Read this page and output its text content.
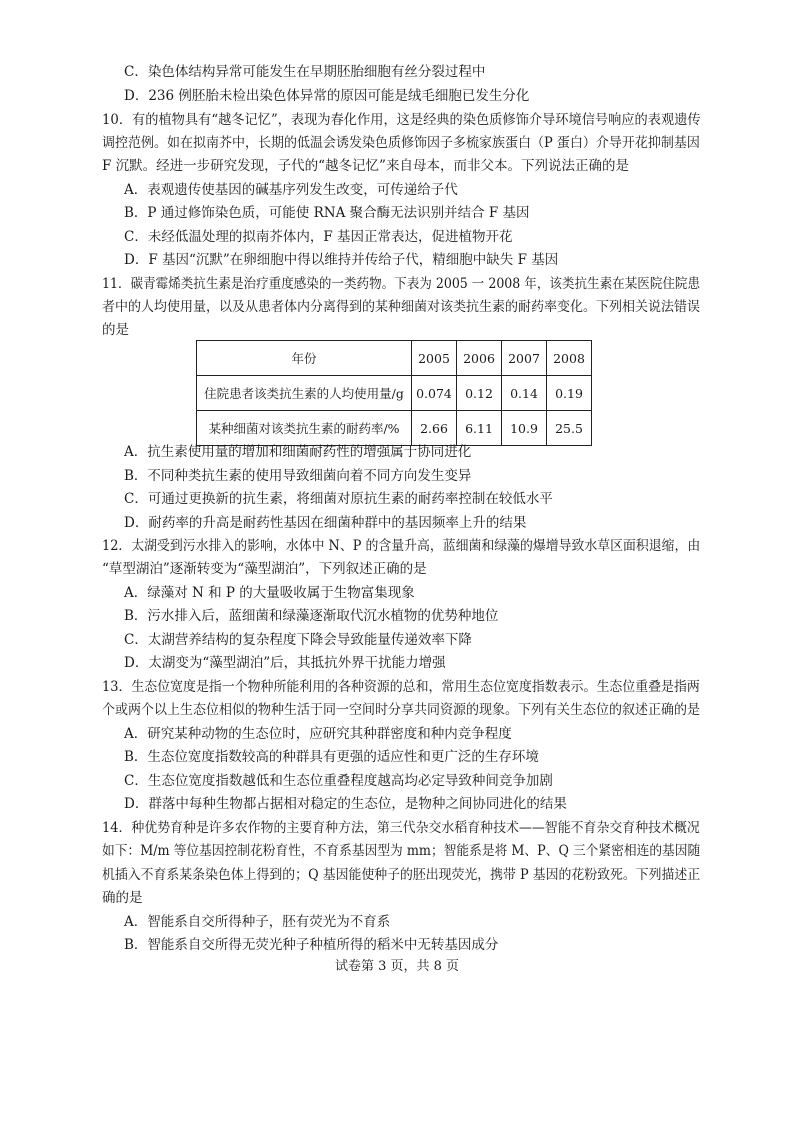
C．染色体结构异常可能发生在早期胚胎细胞有丝分裂过程中
D．236 例胚胎未检出染色体异常的原因可能是绒毛细胞已发生分化
10．有的植物具有“越冬记忆”，表现为春化作用，这是经典的染色质修饰介导环境信号响应的表观遗传
调控范例。如在拟南芥中，长期的低温会诱发染色质修饰因子多梳家族蛋白（P 蛋白）介导开花抑制基因
F 沉默。经进一步研究发现，子代的“越冬记忆”来自母本，而非父本。下列说法正确的是
A．表观遗传使基因的碱基序列发生改变，可传递给子代
B．P 通过修饰染色质，可能使 RNA 聚合酶无法识别并结合 F 基因
C．未经低温处理的拟南芥体内，F 基因正常表达，促进植物开花
D．F 基因“沉默”在卵细胞中得以维持并传给子代，精细胞中缺失 F 基因
11．碳青霉烯类抗生素是治疗重度感染的一类药物。下表为 2005 一 2008 年，该类抗生素在某医院住院患
者中的人均使用量，以及从患者体内分离得到的某种细菌对该类抗生素的耐药率变化。下列相关说法错误
的是
年份	2005	2006	2007	2008
住院患者该类抗生素的人均使用量/g	0.074	0.12	0.14	0.19
某种细菌对该类抗生素的耐药率/%	2.66	6.11	10.9	25.5
A．抗生素使用量的增加和细菌耐药性的增强属于协同进化
B．不同种类抗生素的使用导致细菌向着不同方向发生变异
C．可通过更换新的抗生素，将细菌对原抗生素的耐药率控制在较低水平
D．耐药率的升高是耐药性基因在细菌种群中的基因频率上升的结果
12．太湖受到污水排入的影响，水体中 N、P 的含量升高，蓝细菌和绿藻的爆增导致水草区面积退缩，由
“草型湖泊”逐渐转变为“藻型湖泊”，下列叙述正确的是
A．绿藻对 N 和 P 的大量吸收属于生物富集现象
B．污水排入后，蓝细菌和绿藻逐渐取代沉水植物的优势种地位
C．太湖营养结构的复杂程度下降会导致能量传递效率下降
D．太湖变为“藻型湖泊”后，其抵抗外界干扰能力增强
13．生态位宽度是指一个物种所能利用的各种资源的总和，常用生态位宽度指数表示。生态位重叠是指两
个或两个以上生态位相似的物种生活于同一空间时分享共同资源的现象。下列有关生态位的叙述正确的是
A．研究某种动物的生态位时，应研究其种群密度和种内竞争程度
B．生态位宽度指数较高的种群具有更强的适应性和更广泛的生存环境
C．生态位宽度指数越低和生态位重叠程度越高均必定导致种间竞争加剧
D．群落中每种生物都占据相对稳定的生态位，是物种之间协同进化的结果
14．种优势育种是许多农作物的主要育种方法，第三代杂交水稻育种技术——智能不育杂交育种技术概况
如下：M/m 等位基因控制花粉育性，不育系基因型为 mm；智能系是将 M、P、Q 三个紧密相连的基因随
机插入不育系某条染色体上得到的；Q 基因能使种子的胚出现荧光，携带 P 基因的花粉致死。下列描述正
确的是
A．智能系自交所得种子，胚有荧光为不育系
B．智能系自交所得无荧光种子种植所得的稻米中无转基因成分
试卷第 3 页，共 8 页
